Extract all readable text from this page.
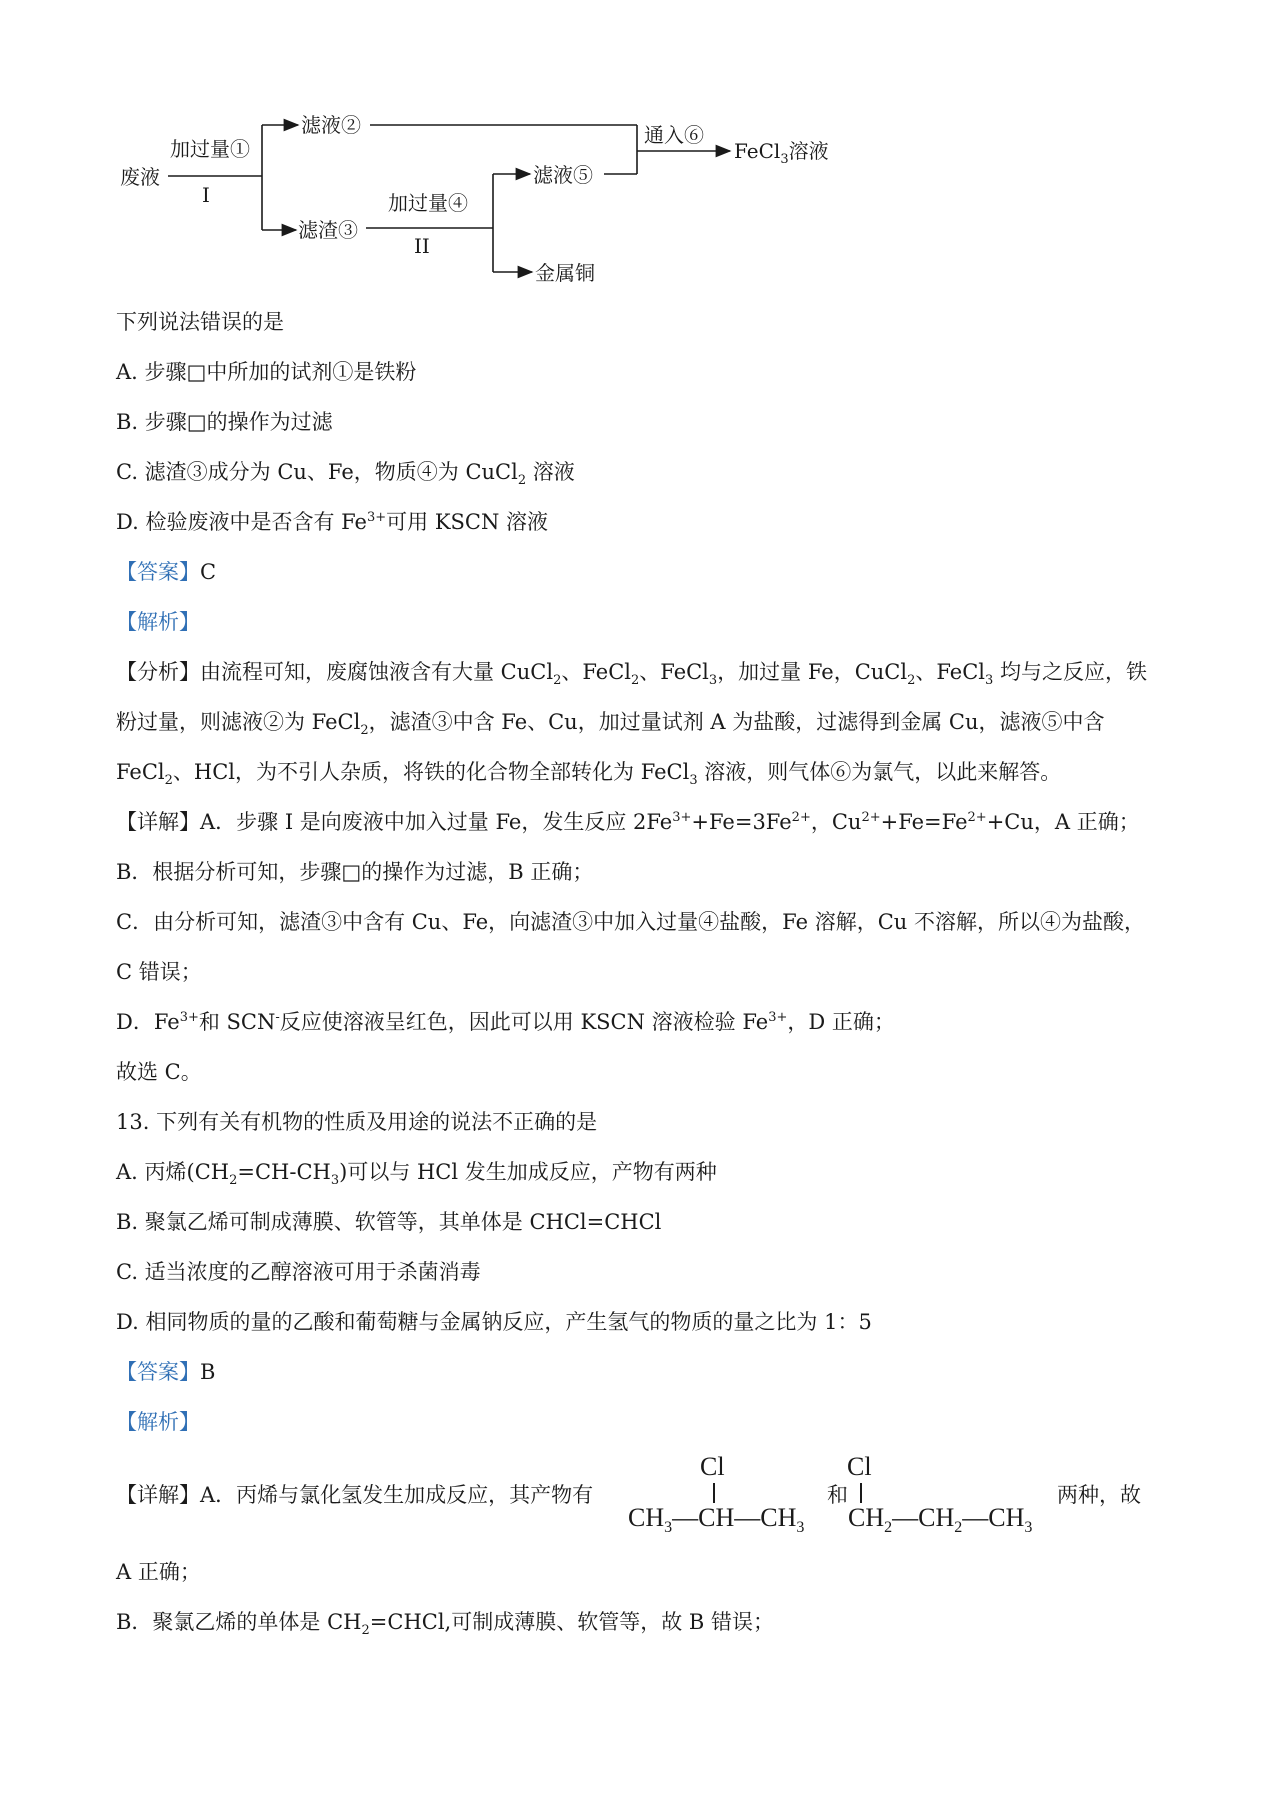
废液
加过量①
I
滤液②
滤渣③
加过量④
II
滤液⑤
金属铜
通入⑥
FeCl$_3$溶液
下列说法错误的是
A. 步骤□中所加的试剂①是铁粉
B. 步骤□的操作为过滤
C. 滤渣③成分为 Cu、Fe，物质④为 CuCl$_2$ 溶液
D. 检验废液中是否含有 $Fe^{3+}$可用 KSCN 溶液
【答案】C
【解析】
【分析】由流程可知，废腐蚀液含有大量 CuCl$_2$、FeCl$_2$、FeCl$_3$，加过量 Fe，CuCl$_2$、FeCl$_3$ 均与之反应，铁
粉过量，则滤液②为 FeCl$_2$，滤渣③中含 Fe、Cu，加过量试剂 A 为盐酸，过滤得到金属 Cu，滤液⑤中含
FeCl$_2$、HCl，为不引人杂质，将铁的化合物全部转化为 FeCl$_3$ 溶液，则气体⑥为氯气，以此来解答。
【详解】A．步骤 I 是向废液中加入过量 Fe，发生反应 $2Fe^{3+}+Fe=3Fe^{2+}$，$Cu^{2+}+Fe=Fe^{2+}+Cu$，A 正确；
B．根据分析可知，步骤□的操作为过滤，B 正确；
C．由分析可知，滤渣③中含有 Cu、Fe，向滤渣③中加入过量④盐酸，Fe 溶解，Cu 不溶解，所以④为盐酸，
C 错误；
D．$Fe^{3+}$和 SCN-反应使溶液呈红色，因此可以用 KSCN 溶液检验 $Fe^{3+}$，D 正确；
故选 C。
13. 下列有关有机物的性质及用途的说法不正确的是
A. 丙烯$(CH_2=CH-CH_3)$可以与 HCl 发生加成反应，产物有两种
B. 聚氯乙烯可制成薄膜、软管等，其单体是 CHCl=CHCl
C. 适当浓度的乙醇溶液可用于杀菌消毒
D. 相同物质的量的乙酸和葡萄糖与金属钠反应，产生氢气的物质的量之比为 1：5
【答案】B
【解析】
【详解】A．丙烯与氯化氢发生加成反应，其产物有
Cl
$CH_3—CH—CH_3$
和
Cl
$CH_2—CH_2—CH_3$
两种，故
A 正确；
B．聚氯乙烯的单体是 $CH_2=CHCl$,可制成薄膜、软管等，故 B 错误；
